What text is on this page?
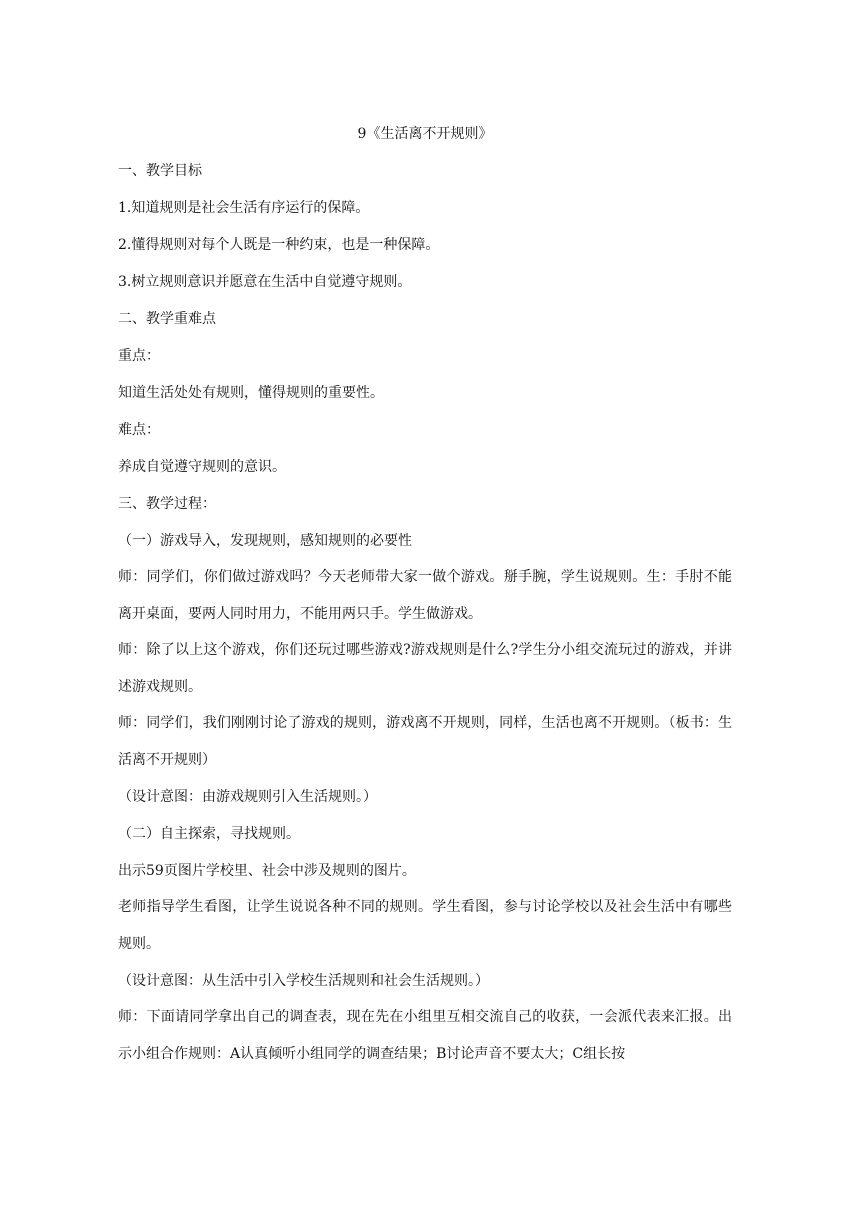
9《生活离不开规则》

一、教学目标

1.知道规则是社会生活有序运行的保障。

2.懂得规则对每个人既是一种约束，也是一种保障。

3.树立规则意识并愿意在生活中自觉遵守规则。

二、教学重难点

重点：

知道生活处处有规则，懂得规则的重要性。

难点：

养成自觉遵守规则的意识。

三、教学过程：

（一）游戏导入，发现规则，感知规则的必要性

师：同学们，你们做过游戏吗？今天老师带大家一做个游戏。掰手腕，学生说规则。生：手肘不能离开桌面，要两人同时用力，不能用两只手。学生做游戏。

师：除了以上这个游戏，你们还玩过哪些游戏?游戏规则是什么?学生分小组交流玩过的游戏，并讲述游戏规则。

师：同学们，我们刚刚讨论了游戏的规则，游戏离不开规则，同样，生活也离不开规则。（板书：生活离不开规则）

（设计意图：由游戏规则引入生活规则。）

（二）自主探索，寻找规则。

出示59页图片学校里、社会中涉及规则的图片。

老师指导学生看图，让学生说说各种不同的规则。学生看图，参与讨论学校以及社会生活中有哪些规则。

（设计意图：从生活中引入学校生活规则和社会生活规则。）

师：下面请同学拿出自己的调查表，现在先在小组里互相交流自己的收获，一会派代表来汇报。出示小组合作规则：A认真倾听小组同学的调查结果；B讨论声音不要太大；C组长按
